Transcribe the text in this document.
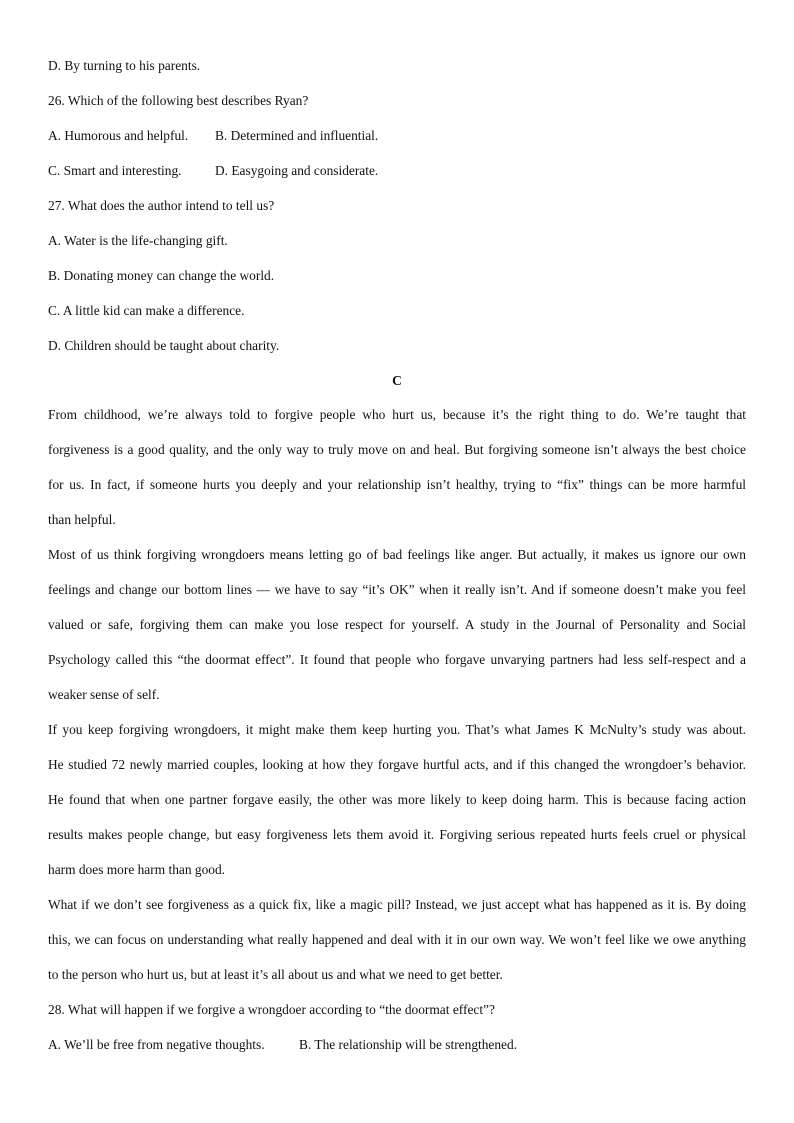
D. By turning to his parents.
26. Which of the following best describes Ryan?
A. Humorous and helpful. B. Determined and influential.
C. Smart and interesting. D. Easygoing and considerate.
27. What does the author intend to tell us?
A. Water is the life-changing gift.
B. Donating money can change the world.
C. A little kid can make a difference.
D. Children should be taught about charity.
C
From childhood, we’re always told to forgive people who hurt us, because it’s the right thing to do. We’re taught that
forgiveness is a good quality, and the only way to truly move on and heal. But forgiving someone isn’t always the best choice
for us. In fact, if someone hurts you deeply and your relationship isn’t healthy, trying to “fix” things can be more harmful
than helpful.
Most of us think forgiving wrongdoers means letting go of bad feelings like anger. But actually, it makes us ignore our own
feelings and change our bottom lines — we have to say “it’s OK” when it really isn’t. And if someone doesn’t make you feel
valued or safe, forgiving them can make you lose respect for yourself. A study in the Journal of Personality and Social
Psychology called this “the doormat effect”. It found that people who forgave unvarying partners had less self-respect and a
weaker sense of self.
If you keep forgiving wrongdoers, it might make them keep hurting you. That’s what James K McNulty’s study was about.
He studied 72 newly married couples, looking at how they forgave hurtful acts, and if this changed the wrongdoer’s behavior.
He found that when one partner forgave easily, the other was more likely to keep doing harm. This is because facing action
results makes people change, but easy forgiveness lets them avoid it. Forgiving serious repeated hurts feels cruel or physical
harm does more harm than good.
What if we don’t see forgiveness as a quick fix, like a magic pill? Instead, we just accept what has happened as it is. By doing
this, we can focus on understanding what really happened and deal with it in our own way. We won’t feel like we owe anything
to the person who hurt us, but at least it’s all about us and what we need to get better.
28. What will happen if we forgive a wrongdoer according to “the doormat effect”?
A. We’ll be free from negative thoughts.	B. The relationship will be strengthened.
